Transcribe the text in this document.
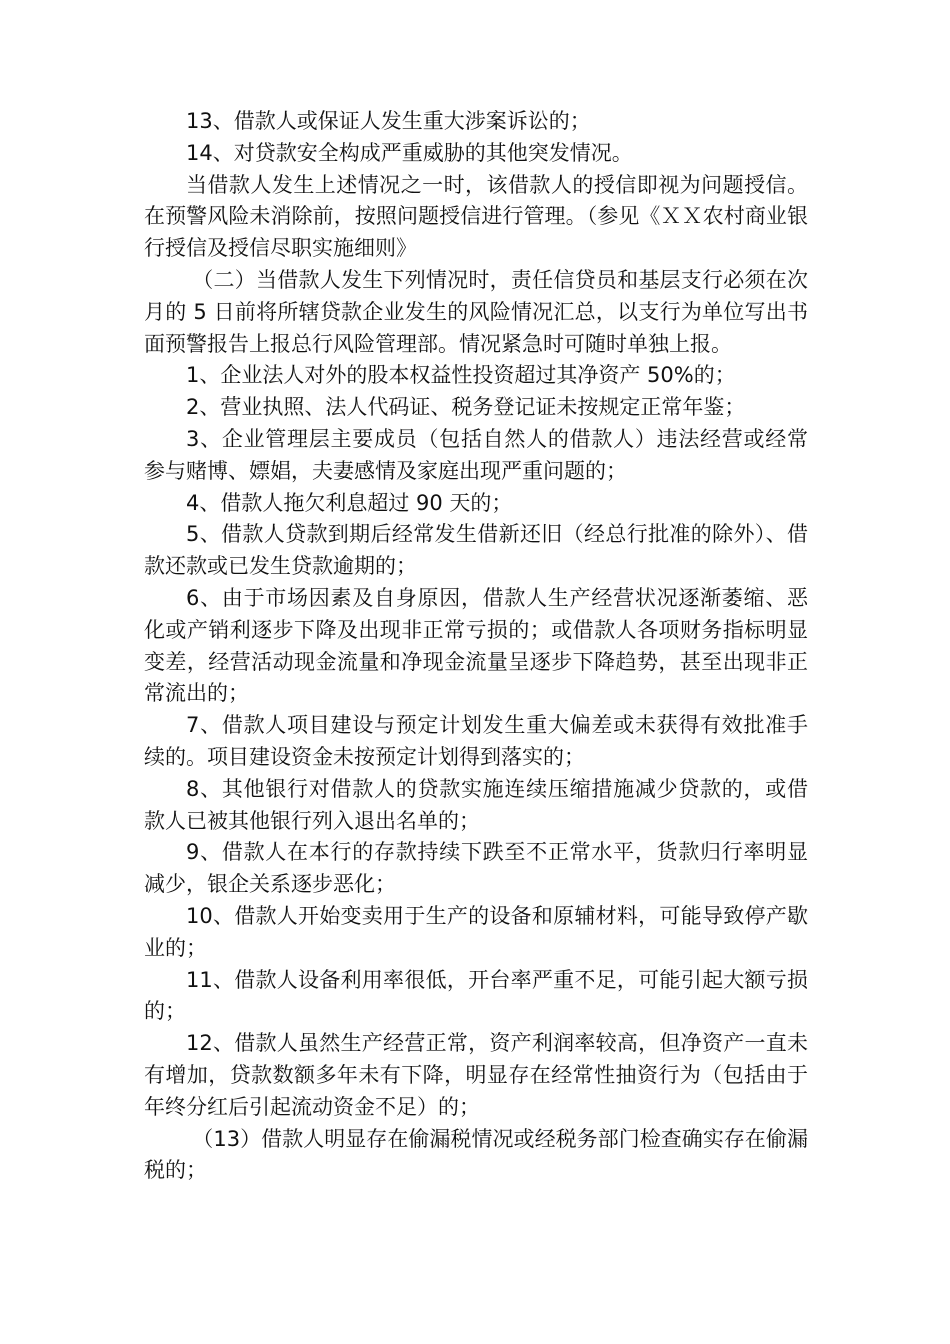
13、借款人或保证人发生重大涉案诉讼的；

14、对贷款安全构成严重威胁的其他突发情况。

当借款人发生上述情况之一时，该借款人的授信即视为问题授信。在预警风险未消除前，按照问题授信进行管理。（参见《ＸＸ农村商业银行授信及授信尽职实施细则》

（二）当借款人发生下列情况时，责任信贷员和基层支行必须在次月的 5 日前将所辖贷款企业发生的风险情况汇总，以支行为单位写出书面预警报告上报总行风险管理部。情况紧急时可随时单独上报。

1、企业法人对外的股本权益性投资超过其净资产 50%的；

2、营业执照、法人代码证、税务登记证未按规定正常年鉴；

3、企业管理层主要成员（包括自然人的借款人）违法经营或经常参与赌博、嫖娼，夫妻感情及家庭出现严重问题的；

4、借款人拖欠利息超过 90 天的；

5、借款人贷款到期后经常发生借新还旧（经总行批准的除外）、借款还款或已发生贷款逾期的；

6、由于市场因素及自身原因，借款人生产经营状况逐渐萎缩、恶化或产销利逐步下降及出现非正常亏损的；或借款人各项财务指标明显变差，经营活动现金流量和净现金流量呈逐步下降趋势，甚至出现非正常流出的；

7、借款人项目建设与预定计划发生重大偏差或未获得有效批准手续的。项目建设资金未按预定计划得到落实的；

8、其他银行对借款人的贷款实施连续压缩措施减少贷款的，或借款人已被其他银行列入退出名单的；

9、借款人在本行的存款持续下跌至不正常水平，货款归行率明显减少，银企关系逐步恶化；

10、借款人开始变卖用于生产的设备和原辅材料，可能导致停产歇业的；

11、借款人设备利用率很低，开台率严重不足，可能引起大额亏损的；

12、借款人虽然生产经营正常，资产利润率较高，但净资产一直未有增加，贷款数额多年未有下降，明显存在经常性抽资行为（包括由于年终分红后引起流动资金不足）的；

（13）借款人明显存在偷漏税情况或经税务部门检查确实存在偷漏税的；
